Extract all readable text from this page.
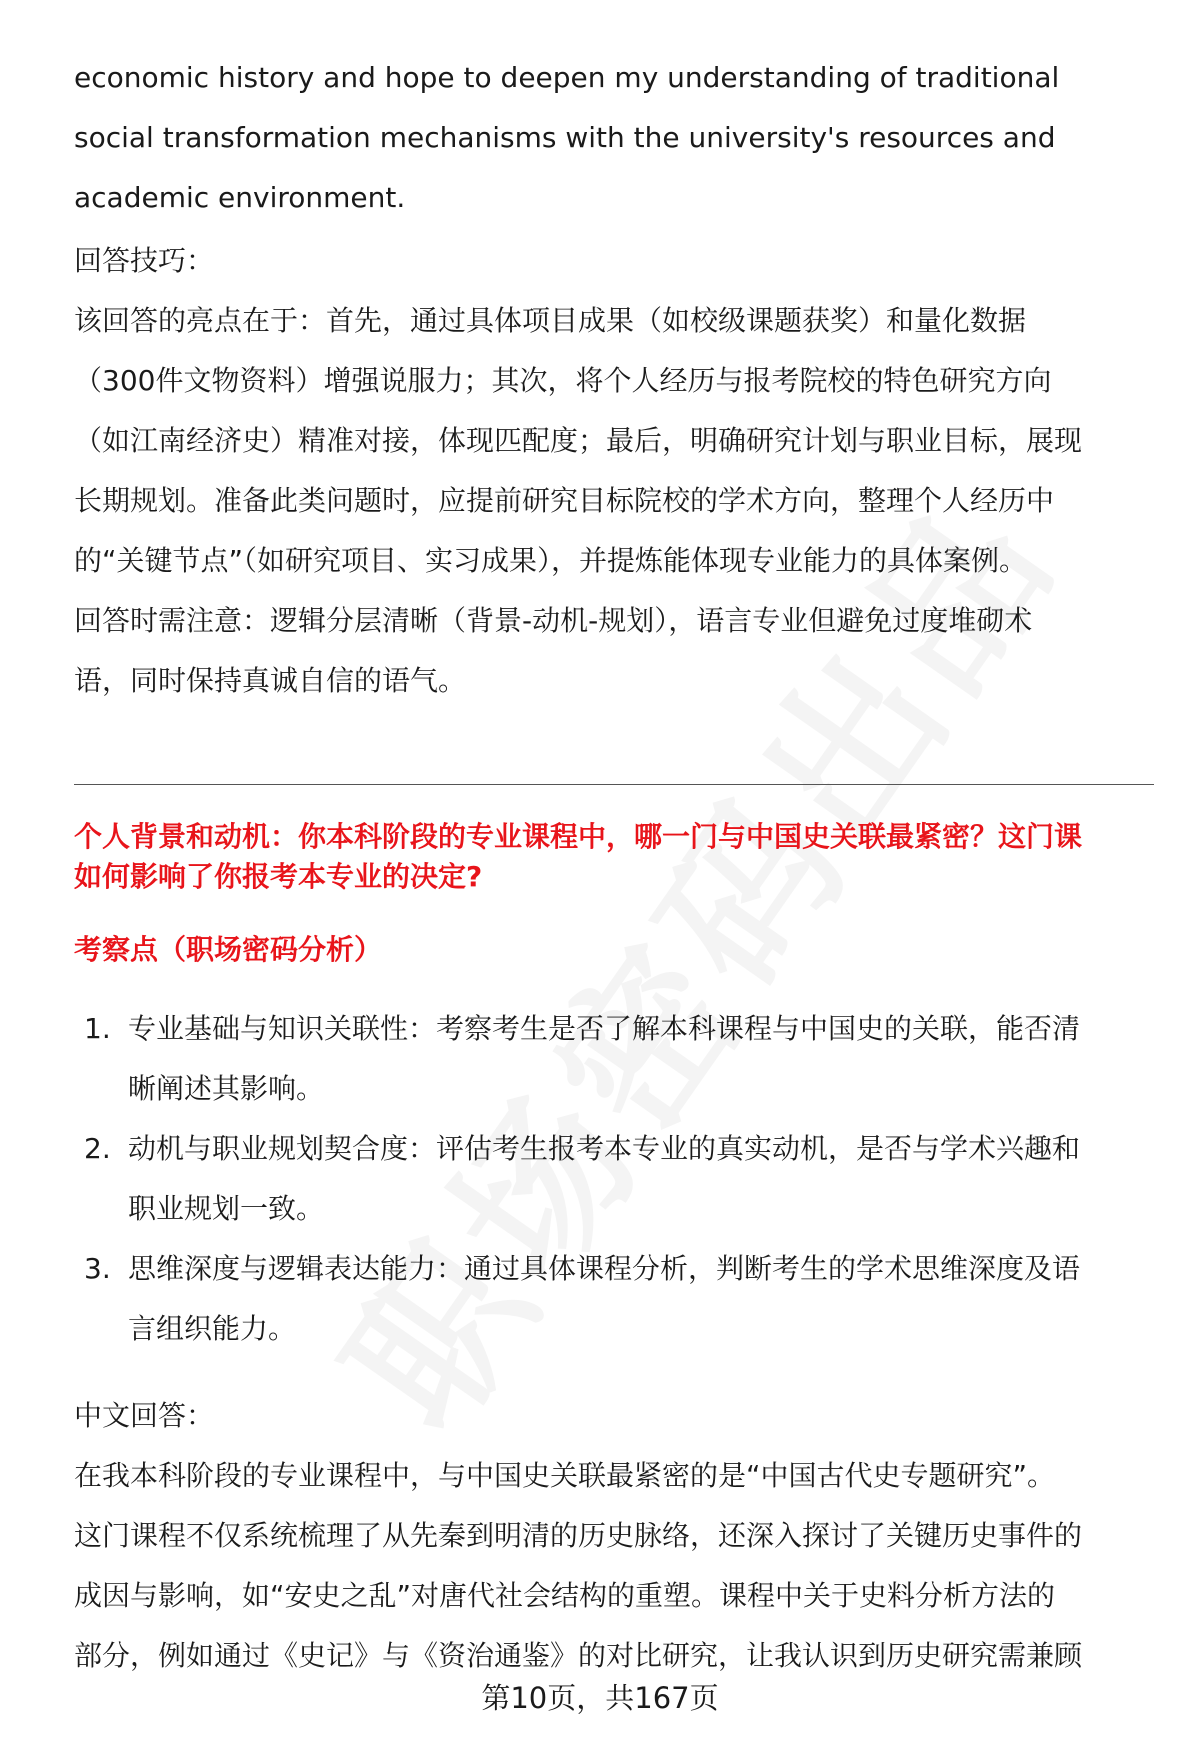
economic history and hope to deepen my understanding of traditional
social transformation mechanisms with the university's resources and
academic environment.
回答技巧：
该回答的亮点在于：首先，通过具体项目成果（如校级课题获奖）和量化数据
（300件文物资料）增强说服力；其次，将个人经历与报考院校的特色研究方向
（如江南经济史）精准对接，体现匹配度；最后，明确研究计划与职业目标，展现
长期规划。准备此类问题时，应提前研究目标院校的学术方向，整理个人经历中
的“关键节点”（如研究项目、实习成果），并提炼能体现专业能力的具体案例。
回答时需注意：逻辑分层清晰（背景-动机-规划），语言专业但避免过度堆砌术
语，同时保持真诚自信的语气。
个人背景和动机：你本科阶段的专业课程中，哪一门与中国史关联最紧密？这门课
如何影响了你报考本专业的决定?
考察点（职场密码分析）
1. 专业基础与知识关联性：考察考生是否了解本科课程与中国史的关联，能否清
晰阐述其影响。
2. 动机与职业规划契合度：评估考生报考本专业的真实动机，是否与学术兴趣和
职业规划一致。
3. 思维深度与逻辑表达能力：通过具体课程分析，判断考生的学术思维深度及语
言组织能力。
中文回答：
在我本科阶段的专业课程中，与中国史关联最紧密的是“中国古代史专题研究”。
这门课程不仅系统梳理了从先秦到明清的历史脉络，还深入探讨了关键历史事件的
成因与影响，如“安史之乱”对唐代社会结构的重塑。课程中关于史料分析方法的
部分，例如通过《史记》与《资治通鉴》的对比研究，让我认识到历史研究需兼顾
第10页，共167页
